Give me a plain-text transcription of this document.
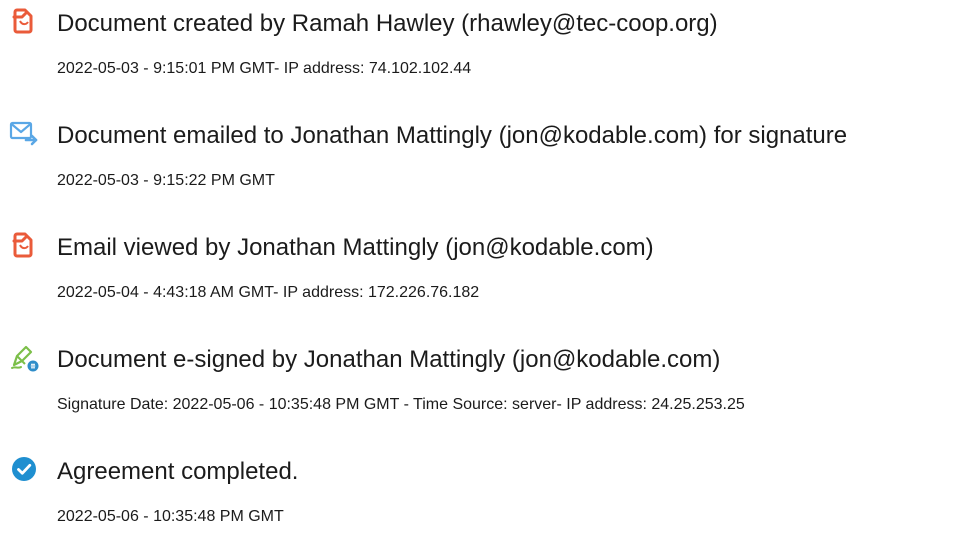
Document created by Ramah Hawley (rhawley@tec-coop.org)
2022-05-03 - 9:15:01 PM GMT- IP address: 74.102.102.44
Document emailed to Jonathan Mattingly (jon@kodable.com) for signature
2022-05-03 - 9:15:22 PM GMT
Email viewed by Jonathan Mattingly (jon@kodable.com)
2022-05-04 - 4:43:18 AM GMT- IP address: 172.226.76.182
Document e-signed by Jonathan Mattingly (jon@kodable.com)
Signature Date: 2022-05-06 - 10:35:48 PM GMT - Time Source: server- IP address: 24.25.253.25
Agreement completed.
2022-05-06 - 10:35:48 PM GMT
